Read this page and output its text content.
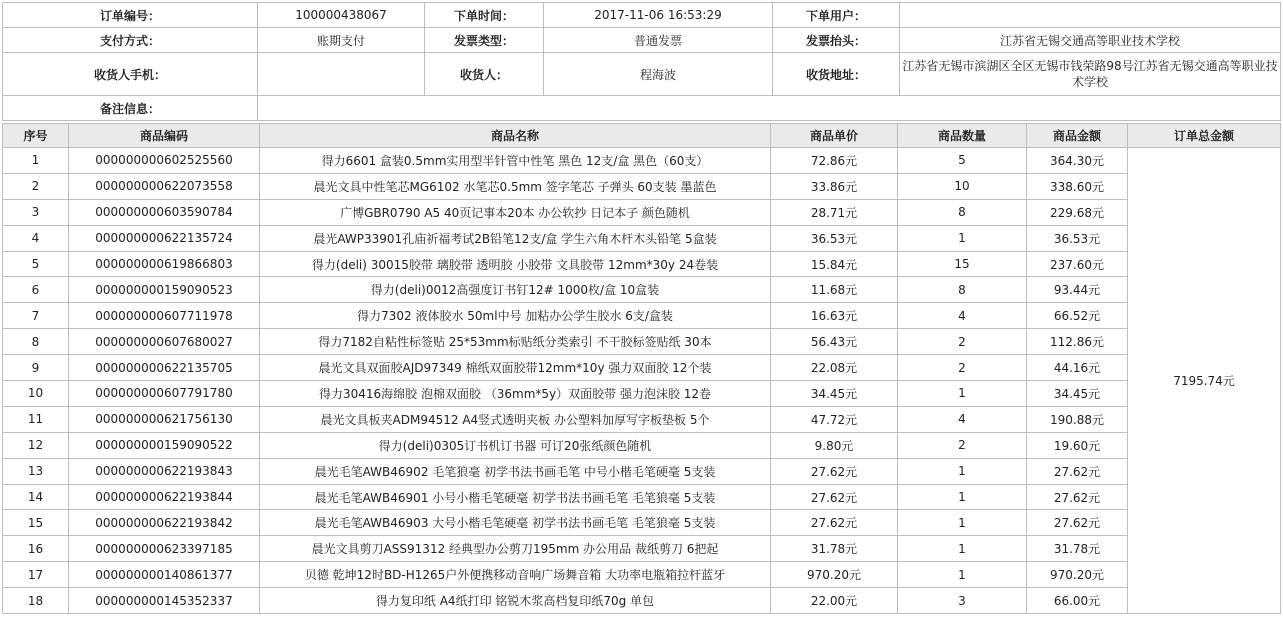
订单编号：	100000438067	下单时间：	2017-11-06 16:53:29	下单用户：	
支付方式：	账期支付	发票类型：	普通发票	发票抬头：	江苏省无锡交通高等职业技术学校
收货人手机：		收货人：	程海波	收货地址：	江苏省无锡市滨湖区全区无锡市钱荣路98号江苏省无锡交通高等职业技术学校
备注信息：					
序号	商品编码	商品名称	商品单价	商品数量	商品金额	订单总金额
1	000000000602525560	得力6601 盒装0.5mm实用型半针管中性笔 黑色 12支/盒 黑色（60支）	72.86元	5	364.30元	7195.74元
2	000000000622073558	晨光文具中性笔芯MG6102 水笔芯0.5mm 签字笔芯 子弹头 60支装 墨蓝色	33.86元	10	338.60元	
3	000000000603590784	广博GBR0790 A5 40页记事本20本 办公软抄 日记本子 颜色随机	28.71元	8	229.68元	
4	000000000622135724	晨光AWP33901孔庙祈福考试2B铅笔12支/盒 学生六角木杆木头铅笔 5盒装	36.53元	1	36.53元	
5	000000000619866803	得力(deli) 30015胶带 璃胶带 透明胶 小胶带 文具胶带 12mm*30y 24卷装	15.84元	15	237.60元	
6	000000000159090523	得力(deli)0012高强度订书钉12# 1000枚/盒 10盒装	11.68元	8	93.44元	
7	000000000607711978	得力7302 液体胶水 50ml中号 加粘办公学生胶水 6支/盒装	16.63元	4	66.52元	
8	000000000607680027	得力7182自粘性标签贴 25*53mm标贴纸分类索引 不干胶标签贴纸 30本	56.43元	2	112.86元	
9	000000000622135705	晨光文具双面胶AJD97349 棉纸双面胶带12mm*10y 强力双面胶 12个装	22.08元	2	44.16元	
10	000000000607791780	得力30416海绵胶 泡棉双面胶 （36mm*5y）双面胶带 强力泡沫胶 12卷	34.45元	1	34.45元	
11	000000000621756130	晨光文具板夹ADM94512 A4竖式透明夹板 办公塑料加厚写字板垫板 5个	47.72元	4	190.88元	
12	000000000159090522	得力(deli)0305订书机订书器 可订20张纸颜色随机	9.80元	2	19.60元	
13	000000000622193843	晨光毛笔AWB46902 毛笔狼毫 初学书法书画毛笔 中号小楷毛笔硬毫 5支装	27.62元	1	27.62元	
14	000000000622193844	晨光毛笔AWB46901 小号小楷毛笔硬毫 初学书法书画毛笔 毛笔狼毫 5支装	27.62元	1	27.62元	
15	000000000622193842	晨光毛笔AWB46903 大号小楷毛笔硬毫 初学书法书画毛笔 毛笔狼毫 5支装	27.62元	1	27.62元	
16	000000000623397185	晨光文具剪刀ASS91312 经典型办公剪刀195mm 办公用品 裁纸剪刀 6把起	31.78元	1	31.78元	
17	000000000140861377	贝德 乾坤12时BD-H1265户外便携移动音响广场舞音箱 大功率电瓶箱拉杆蓝牙	970.20元	1	970.20元	
18	000000000145352337	得力复印纸 A4纸打印 铭锐木浆高档复印纸70g 单包	22.00元	3	66.00元	
